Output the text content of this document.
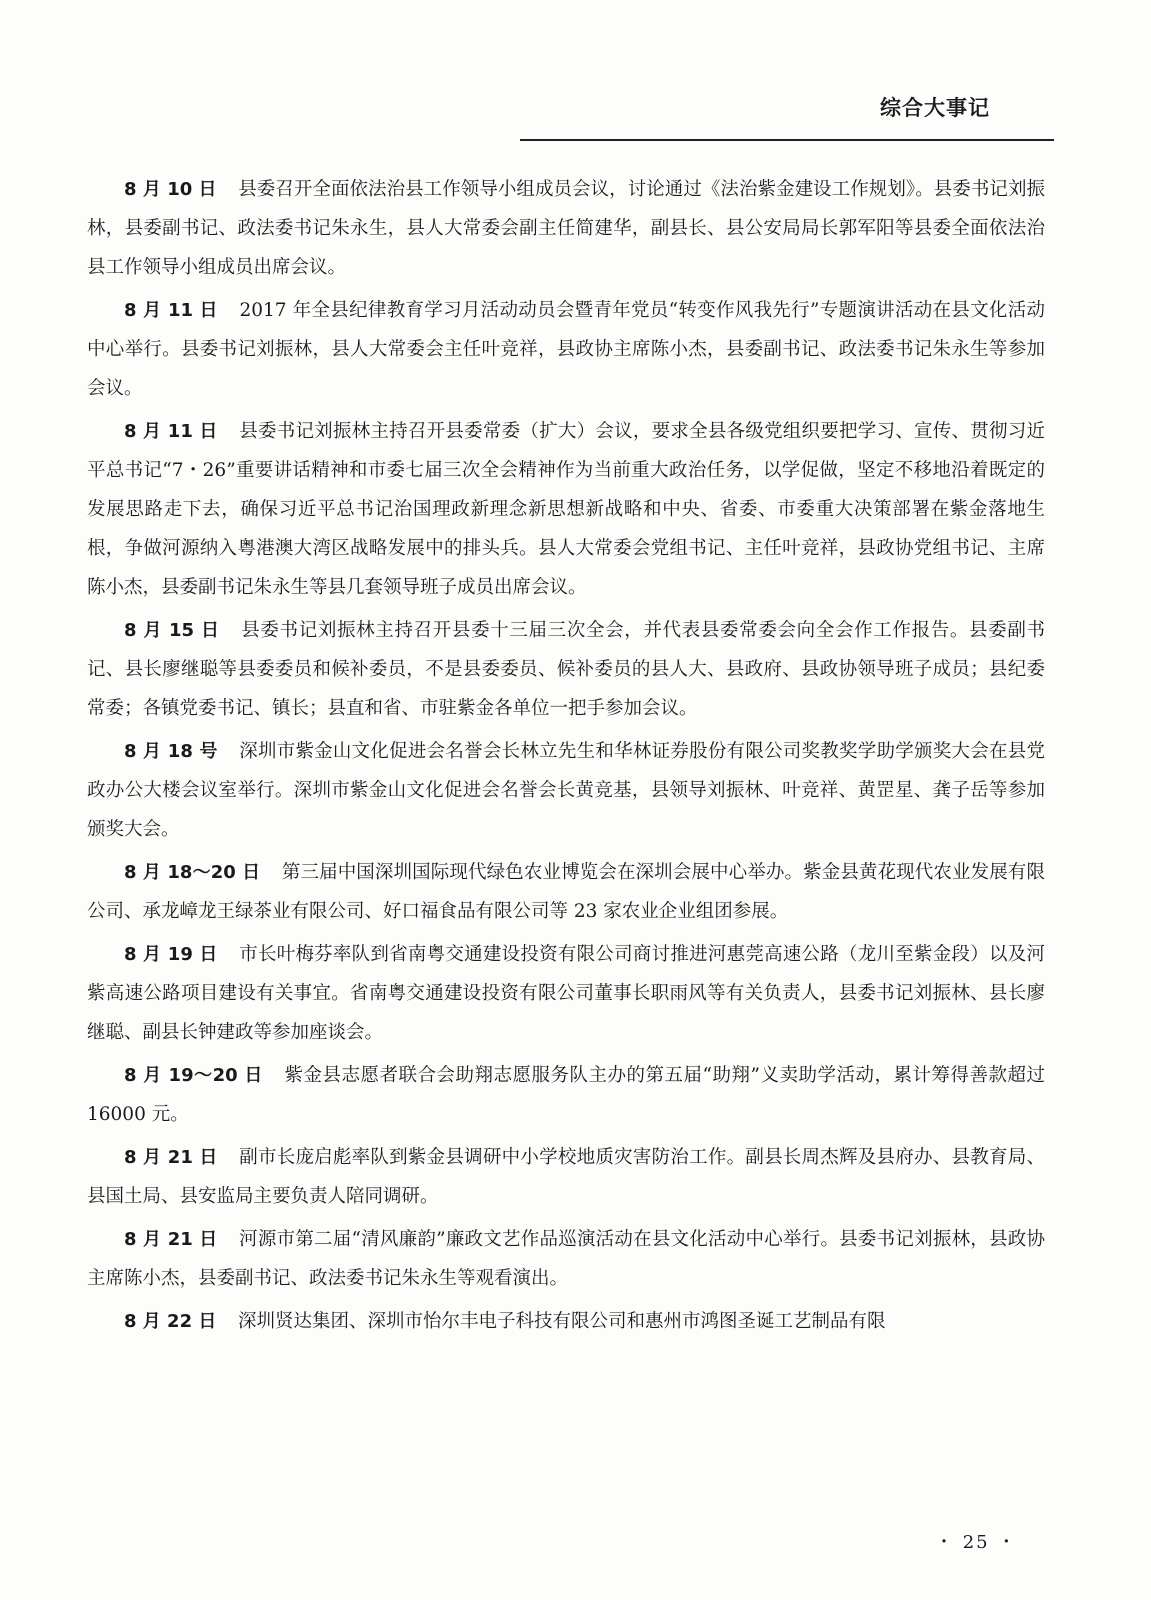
综合大事记

8 月 10 日 县委召开全面依法治县工作领导小组成员会议，讨论通过《法治紫金建设工作规划》。县委书记刘振林，县委副书记、政法委书记朱永生，县人大常委会副主任简建华，副县长、县公安局局长郭军阳等县委全面依法治县工作领导小组成员出席会议。

8 月 11 日 2017 年全县纪律教育学习月活动动员会暨青年党员“转变作风我先行”专题演讲活动在县文化活动中心举行。县委书记刘振林，县人大常委会主任叶竞祥，县政协主席陈小杰，县委副书记、政法委书记朱永生等参加会议。

8 月 11 日 县委书记刘振林主持召开县委常委（扩大）会议，要求全县各级党组织要把学习、宣传、贯彻习近平总书记“7・26”重要讲话精神和市委七届三次全会精神作为当前重大政治任务，以学促做，坚定不移地沿着既定的发展思路走下去，确保习近平总书记治国理政新理念新思想新战略和中央、省委、市委重大决策部署在紫金落地生根，争做河源纳入粤港澳大湾区战略发展中的排头兵。县人大常委会党组书记、主任叶竞祥，县政协党组书记、主席陈小杰，县委副书记朱永生等县几套领导班子成员出席会议。

8 月 15 日 县委书记刘振林主持召开县委十三届三次全会，并代表县委常委会向全会作工作报告。县委副书记、县长廖继聪等县委委员和候补委员，不是县委委员、候补委员的县人大、县政府、县政协领导班子成员；县纪委常委；各镇党委书记、镇长；县直和省、市驻紫金各单位一把手参加会议。

8 月 18 号 深圳市紫金山文化促进会名誉会长林立先生和华林证券股份有限公司奖教奖学助学颁奖大会在县党政办公大楼会议室举行。深圳市紫金山文化促进会名誉会长黄竞基，县领导刘振林、叶竞祥、黄罡星、龚子岳等参加颁奖大会。

8 月 18～20 日 第三届中国深圳国际现代绿色农业博览会在深圳会展中心举办。紫金县黄花现代农业发展有限公司、承龙嶂龙王绿茶业有限公司、好口福食品有限公司等 23 家农业企业组团参展。

8 月 19 日 市长叶梅芬率队到省南粤交通建设投资有限公司商讨推进河惠莞高速公路（龙川至紫金段）以及河紫高速公路项目建设有关事宜。省南粤交通建设投资有限公司董事长职雨风等有关负责人，县委书记刘振林、县长廖继聪、副县长钟建政等参加座谈会。

8 月 19～20 日 紫金县志愿者联合会助翔志愿服务队主办的第五届“助翔”义卖助学活动，累计筹得善款超过 16000 元。

8 月 21 日 副市长庞启彪率队到紫金县调研中小学校地质灾害防治工作。副县长周杰辉及县府办、县教育局、县国土局、县安监局主要负责人陪同调研。

8 月 21 日 河源市第二届“清风廉韵”廉政文艺作品巡演活动在县文化活动中心举行。县委书记刘振林，县政协主席陈小杰，县委副书记、政法委书记朱永生等观看演出。

8 月 22 日 深圳贤达集团、深圳市怡尔丰电子科技有限公司和惠州市鸿图圣诞工艺制品有限

・ 25 ・
